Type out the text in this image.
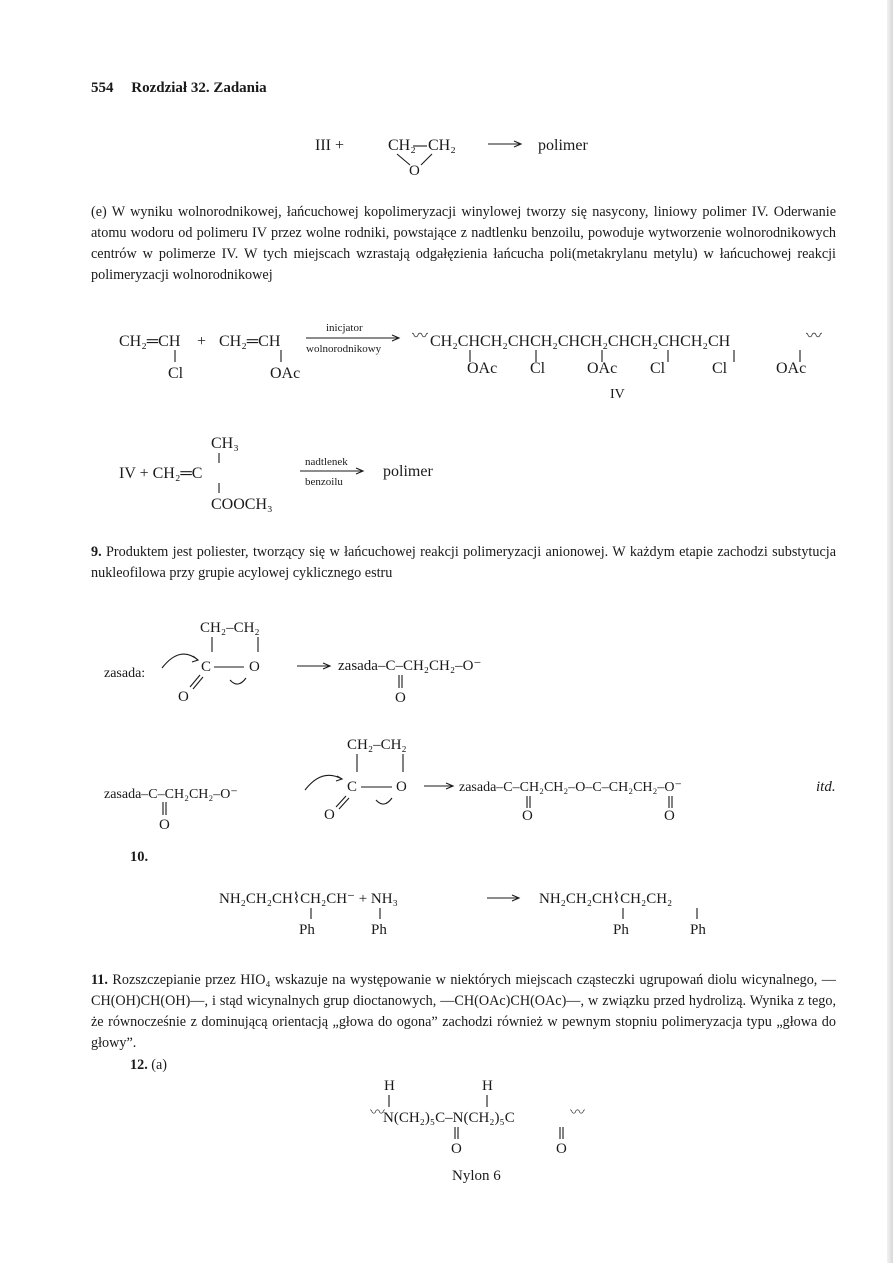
554 Rozdział 32. Zadania
III +	CH₂ CH₂
O
polimer
CH₂═CH
Cl
+ CH₂═CH
OAc
inicjator
wolnorodnikowy
〰 CH₂CHCH₂CHCH₂CHCH₂CHCH₂CHCH₂CH	〰
OAc Cl	OAc Cl	Cl	OAc
IV
CH₃
IV + CH₂═C
COOCH₃
nadtlenek
benzoilu
polimer
CH₂–CH₂
zasada:	C	O
O
zasada–C–CH₂CH₂–O⁻
O
CH₂–CH₂
zasada–C–CH₂CH₂–O⁻
O
C	O
O
zasada–C–CH₂CH₂–O–C–CH₂CH₂–O⁻
O	O
itd.
NH₂CH₂CH⌇CH₂CH⁻ + NH₃
Ph	Ph
NH₂CH₂CH⌇CH₂CH₂
Ph	Ph
H	H
〰
N(CH₂)₅C–N(CH₂)₅C	〰
O	O
Nylon 6

(e) W wyniku wolnorodnikowej, łańcuchowej kopolimeryzacji winylowej tworzy się nasycony, liniowy polimer IV. Oderwanie atomu wodoru od polimeru IV przez wolne rodniki, powstające z nadtlenku benzoilu, powoduje wytworzenie wolnorodnikowych centrów w polimerze IV. W tych miejscach wzrastają odgałęzienia łańcucha poli(metakrylanu metylu) w łańcuchowej reakcji polimeryzacji wolnorodnikowej

9. Produktem jest poliester, tworzący się w łańcuchowej reakcji polimeryzacji anionowej. W każdym etapie zachodzi substytucja nukleofilowa przy grupie acylowej cyklicznego estru

10.

11. Rozszczepianie przez HIO₄ wskazuje na występowanie w niektórych miejscach cząsteczki ugrupowań diolu wicynalnego, —CH(OH)CH(OH)—, i stąd wicynalnych grup dioctanowych, —CH(OAc)CH(OAc)—, w związku przed hydrolizą. Wynika z tego, że równocześnie z dominującą orientacją „głowa do ogona” zachodzi również w pewnym stopniu polimeryzacja typu „głowa do głowy”.

12. (a)
